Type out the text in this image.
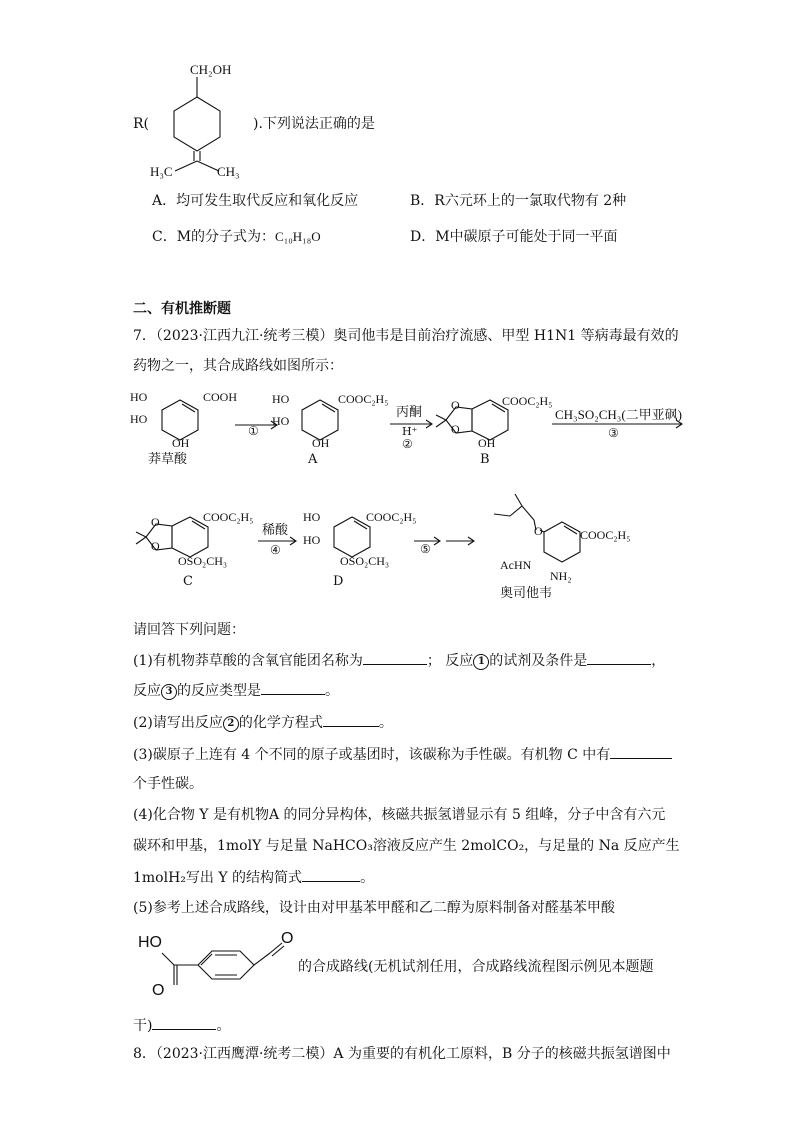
CH₂OH
H₃C	CH₃
R(	).下列说法正确的是
A．均可发生取代反应和氧化反应	B．R六元环上的一氯取代物有 2种
C．M的分子式为：C₁₀H₁₈O	D．M中碳原子可能处于同一平面
二、有机推断题
7．（2023·江西九江·统考三模）奥司他韦是目前治疗流感、甲型 H1N1 等病毒最有效的
药物之一，其合成路线如图所示：
HO
HO
OH
COOH
莽草酸
①
HO
HO
OH
COOC₂H₅
A
丙酮
H⁺
②
O
O
COOC₂H₅
OH
B
CH₃SO₂CH₃(二甲亚砜)
③
O
O
COOC₂H₅
OSO₂CH₃
C
稀酸
④
HO
HO
COOC₂H₅
OSO₂CH₃
D
⑤
O	COOC₂H₅
AcHN
NH₂
奥司他韦
请回答下列问题：
(1)有机物莽草酸的含氧官能团名称为	； 反应 1 的试剂及条件是	，
反应 3 的反应类型是	。
(2)请写出反应 2 的化学方程式	。
(3)碳原子上连有 4 个不同的原子或基团时，该碳称为手性碳。有机物 C 中有
个手性碳。
(4)化合物 Y 是有机物A 的同分异构体，核磁共振氢谱显示有 5 组峰，分子中含有六元
碳环和甲基，1molY 与足量 NaHCO₃溶液反应产生 2molCO₂，与足量的 Na 反应产生
1molH₂写出 Y 的结构简式	。
(5)参考上述合成路线，设计由对甲基苯甲醛和乙二醇为原料制备对醛基苯甲酸
HO
O
O
的合成路线(无机试剂任用，合成路线流程图示例见本题题
干)	。
8．（2023·江西鹰潭·统考二模）A 为重要的有机化工原料，B 分子的核磁共振氢谱图中
